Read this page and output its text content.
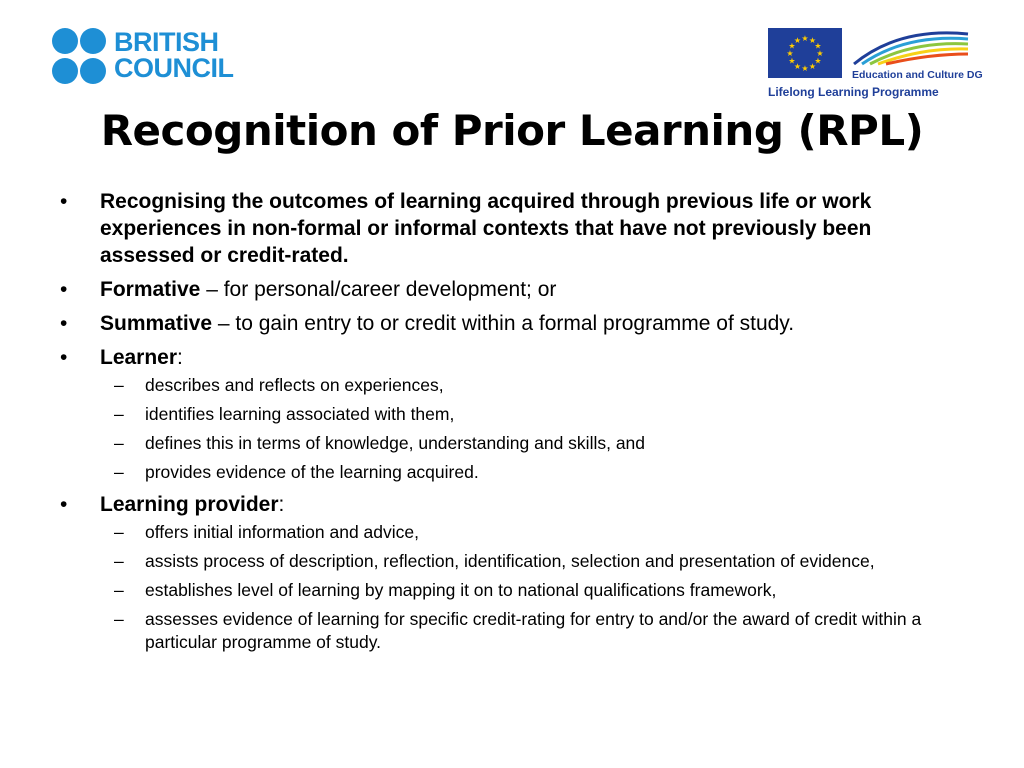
BRITISH
COUNCIL
★ ★
★
★
★
★
★
★
★
★
★
★
Education and Culture DG
Lifelong Learning Programme
Recognition of Prior Learning (RPL)
• Recognising the outcomes of learning acquired through previous life or work experiences in non-formal or informal contexts that have not previously been assessed or credit-rated.
• Formative – for personal/career development; or
• Summative – to gain entry to or credit within a formal programme of study.
• Learner:
– describes and reflects on experiences,
– identifies learning associated with them,
– defines this in terms of knowledge, understanding and skills, and
– provides evidence of the learning acquired.
• Learning provider:
– offers initial information and advice,
– assists process of description, reflection, identification, selection and presentation of evidence,
– establishes level of learning by mapping it on to national qualifications framework,
– assesses evidence of learning for specific credit-rating for entry to and/or the award of credit within a particular programme of study.
